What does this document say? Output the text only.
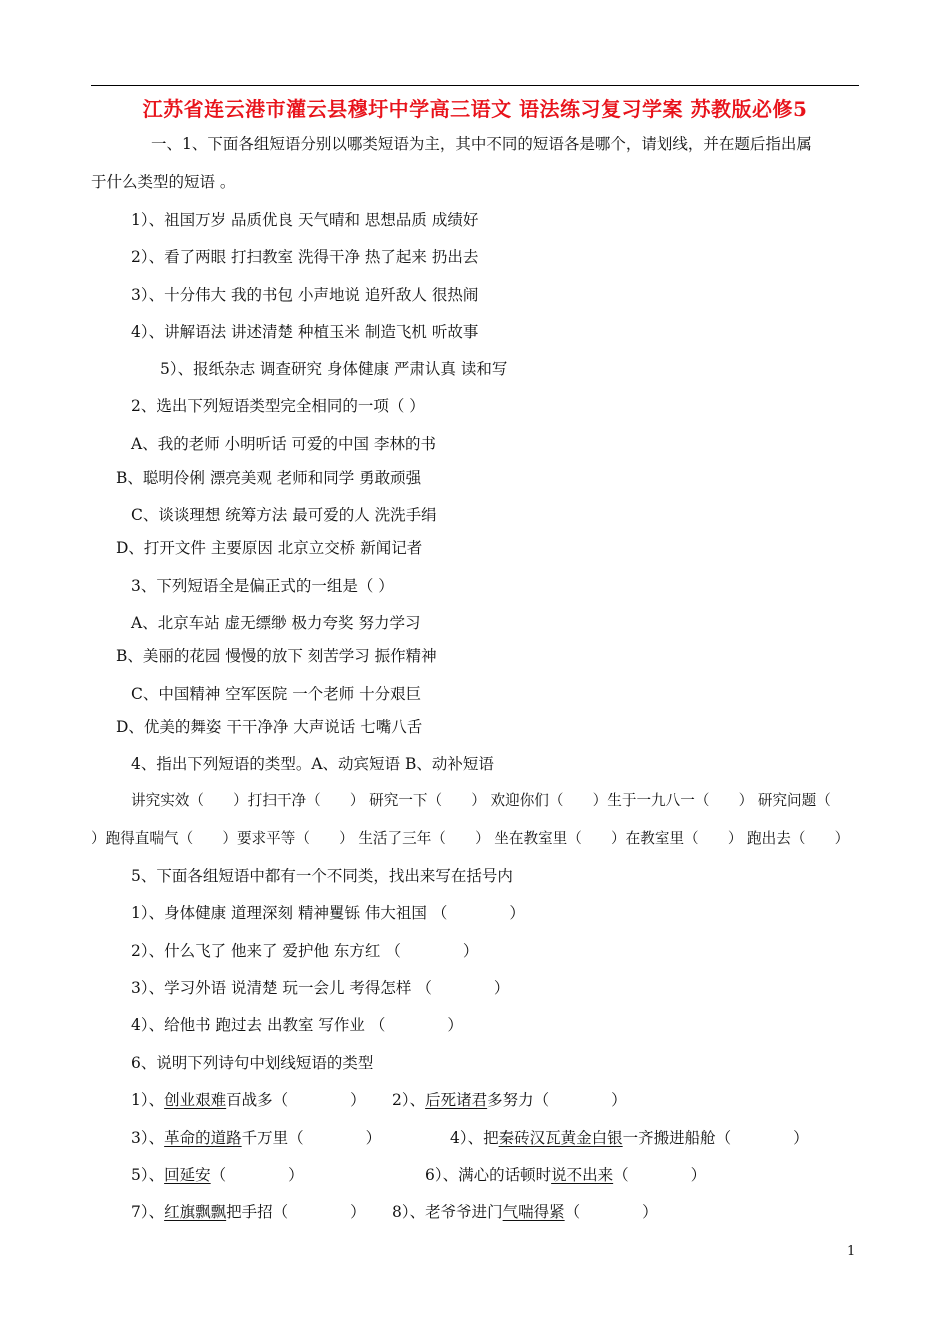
江苏省连云港市灌云县穆圩中学高三语文 语法练习复习学案 苏教版必修5
一、1、下面各组短语分别以哪类短语为主，其中不同的短语各是哪个，请划线，并在题后指出属
于什么类型的短语 。
1）、祖国万岁 品质优良 天气晴和 思想品质 成绩好
2）、看了两眼 打扫教室 洗得干净 热了起来 扔出去
3）、十分伟大 我的书包 小声地说 追歼敌人 很热闹
4）、讲解语法 讲述清楚 种植玉米 制造飞机 听故事
5）、报纸杂志 调查研究 身体健康 严肃认真 读和写
2、选出下列短语类型完全相同的一项（ ）
A、我的老师 小明听话 可爱的中国 李林的书
B、聪明伶俐 漂亮美观 老师和同学 勇敢顽强
C、谈谈理想 统筹方法 最可爱的人 洗洗手绢
D、打开文件 主要原因 北京立交桥 新闻记者
3、下列短语全是偏正式的一组是（ ）
A、北京车站 虚无缥缈 极力夸奖 努力学习
B、美丽的花园 慢慢的放下 刻苦学习 振作精神
C、中国精神 空军医院 一个老师 十分艰巨
D、优美的舞姿 干干净净 大声说话 七嘴八舌
4、指出下列短语的类型。A、动宾短语 B、动补短语
讲究实效（　　）打扫干净（　　） 研究一下（　　） 欢迎你们（　　）生于一九八一（　　） 研究问题（
）跑得直喘气（　　）要求平等（　　） 生活了三年（　　） 坐在教室里（　　）在教室里（　　） 跑出去（　　）
5、下面各组短语中都有一个不同类，找出来写在括号内
1）、身体健康 道理深刻 精神矍铄 伟大祖国 （　　　　）
2）、什么飞了 他来了 爱护他 东方红 （　　　　）
3）、学习外语 说清楚 玩一会儿 考得怎样 （　　　　）
4）、给他书 跑过去 出教室 写作业 （　　　　）
6、说明下列诗句中划线短语的类型
1）、创业艰难百战多（　　　　） 2）、后死诸君多努力（　　　　）
3）、革命的道路千万里（　　　　）	4）、把秦砖汉瓦黄金白银一齐搬进船舱（　　　　）
5）、回延安（　　　　）	6）、满心的话顿时说不出来（　　　　）
7）、红旗飘飘把手招（　　　　） 8）、老爷爷进门气喘得紧（　　　　）
1
